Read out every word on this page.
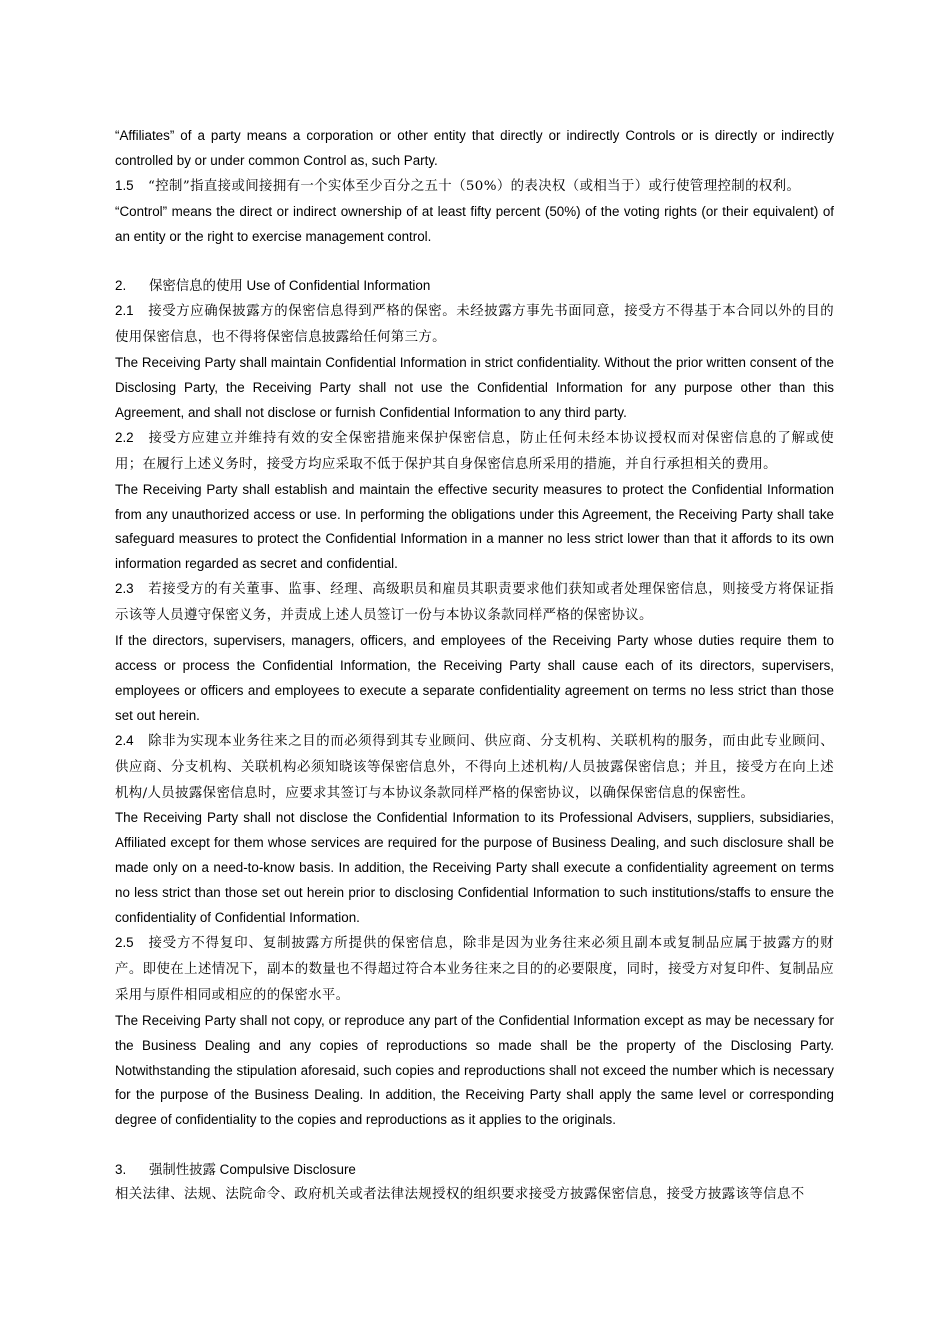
“Affiliates” of a party means a corporation or other entity that directly or indirectly Controls or is directly or indirectly controlled by or under common Control as, such Party.

1.5 “控制”指直接或间接拥有一个实体至少百分之五十（50%）的表决权（或相当于）或行使管理控制的权利。

“Control” means the direct or indirect ownership of at least fifty percent (50%) of the voting rights (or their equivalent) of an entity or the right to exercise management control.

2. 保密信息的使用 Use of Confidential Information

2.1 接受方应确保披露方的保密信息得到严格的保密。未经披露方事先书面同意，接受方不得基于本合同以外的目的使用保密信息，也不得将保密信息披露给任何第三方。

The Receiving Party shall maintain Confidential Information in strict confidentiality. Without the prior written consent of the Disclosing Party, the Receiving Party shall not use the Confidential Information for any purpose other than this Agreement, and shall not disclose or furnish Confidential Information to any third party.

2.2 接受方应建立并维持有效的安全保密措施来保护保密信息，防止任何未经本协议授权而对保密信息的了解或使用；在履行上述义务时，接受方均应采取不低于保护其自身保密信息所采用的措施，并自行承担相关的费用。

The Receiving Party shall establish and maintain the effective security measures to protect the Confidential Information from any unauthorized access or use. In performing the obligations under this Agreement, the Receiving Party shall take safeguard measures to protect the Confidential Information in a manner no less strict lower than that it affords to its own information regarded as secret and confidential.

2.3 若接受方的有关董事、监事、经理、高级职员和雇员其职责要求他们获知或者处理保密信息，则接受方将保证指示该等人员遵守保密义务，并责成上述人员签订一份与本协议条款同样严格的保密协议。

If the directors, supervisers, managers, officers, and employees of the Receiving Party whose duties require them to access or process the Confidential Information, the Receiving Party shall cause each of its directors, supervisers, employees or officers and employees to execute a separate confidentiality agreement on terms no less strict than those set out herein.

2.4 除非为实现本业务往来之目的而必须得到其专业顾问、供应商、分支机构、关联机构的服务，而由此专业顾问、供应商、分支机构、关联机构必须知晓该等保密信息外，不得向上述机构/人员披露保密信息；并且，接受方在向上述机构/人员披露保密信息时，应要求其签订与本协议条款同样严格的保密协议，以确保保密信息的保密性。

The Receiving Party shall not disclose the Confidential Information to its Professional Advisers, suppliers, subsidiaries, Affiliated except for them whose services are required for the purpose of Business Dealing, and such disclosure shall be made only on a need-to-know basis. In addition, the Receiving Party shall execute a confidentiality agreement on terms no less strict than those set out herein prior to disclosing Confidential Information to such institutions/staffs to ensure the confidentiality of Confidential Information.

2.5 接受方不得复印、复制披露方所提供的保密信息，除非是因为业务往来必须且副本或复制品应属于披露方的财产。即使在上述情况下，副本的数量也不得超过符合本业务往来之目的的必要限度，同时，接受方对复印件、复制品应采用与原件相同或相应的的保密水平。

The Receiving Party shall not copy, or reproduce any part of the Confidential Information except as may be necessary for the Business Dealing and any copies of reproductions so made shall be the property of the Disclosing Party. Notwithstanding the stipulation aforesaid, such copies and reproductions shall not exceed the number which is necessary for the purpose of the Business Dealing. In addition, the Receiving Party shall apply the same level or corresponding degree of confidentiality to the copies and reproductions as it applies to the originals.

3. 强制性披露 Compulsive Disclosure

相关法律、法规、法院命令、政府机关或者法律法规授权的组织要求接受方披露保密信息，接受方披露该等信息不
